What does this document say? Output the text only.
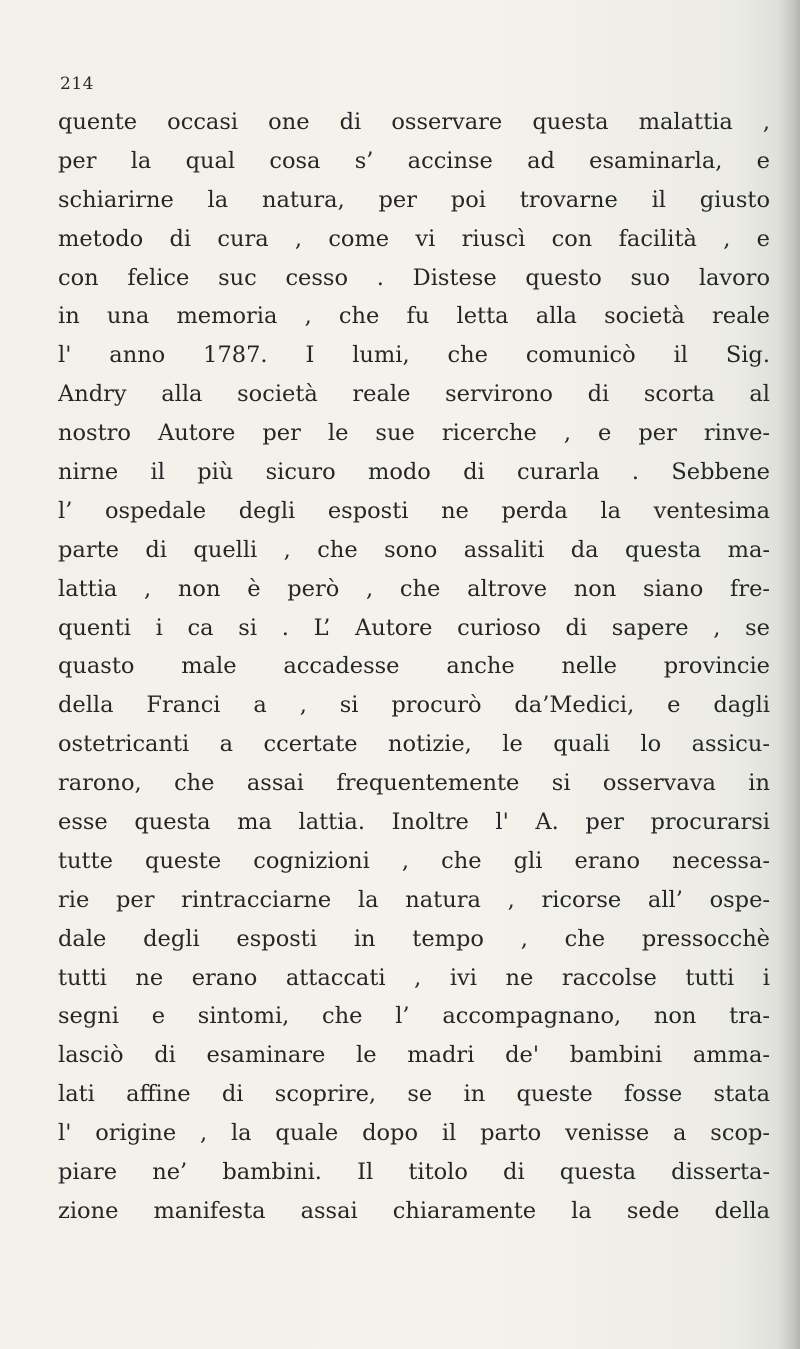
214
quente occasi one di osservare questa malattia ,
per la qual cosa s’ accinse ad esaminarla, e
schiarirne la natura, per poi trovarne il giusto
metodo di cura , come vi riuscì con facilità , e
con felice suc cesso . Distese questo suo lavoro
in una memoria , che fu letta alla società reale
l' anno 1787. I lumi, che comunicò il Sig.
Andry alla società reale servirono di scorta al
nostro Autore per le sue ricerche , e per rinve-
nirne il più sicuro modo di curarla . Sebbene
l’ ospedale degli esposti ne perda la ventesima
parte di quelli , che sono assaliti da questa ma-
lattia , non è però , che altrove non siano fre-
quenti i ca si . L’ Autore curioso di sapere , se
quasto male accadesse anche nelle provincie
della Franci a , si procurò da’Medici, e dagli
ostetricanti a ccertate notizie, le quali lo assicu-
rarono, che assai frequentemente si osservava in
esse questa ma lattia. Inoltre l' A. per procurarsi
tutte queste cognizioni , che gli erano necessa-
rie per rintracciarne la natura , ricorse all’ ospe-
dale degli esposti in tempo , che pressocchè
tutti ne erano attaccati , ivi ne raccolse tutti i
segni e sintomi, che l’ accompagnano, non tra-
lasciò di esaminare le madri de' bambini amma-
lati affine di scoprire, se in queste fosse stata
l' origine , la quale dopo il parto venisse a scop-
piare ne’ bambini. Il titolo di questa disserta-
zione manifesta assai chiaramente la sede della
